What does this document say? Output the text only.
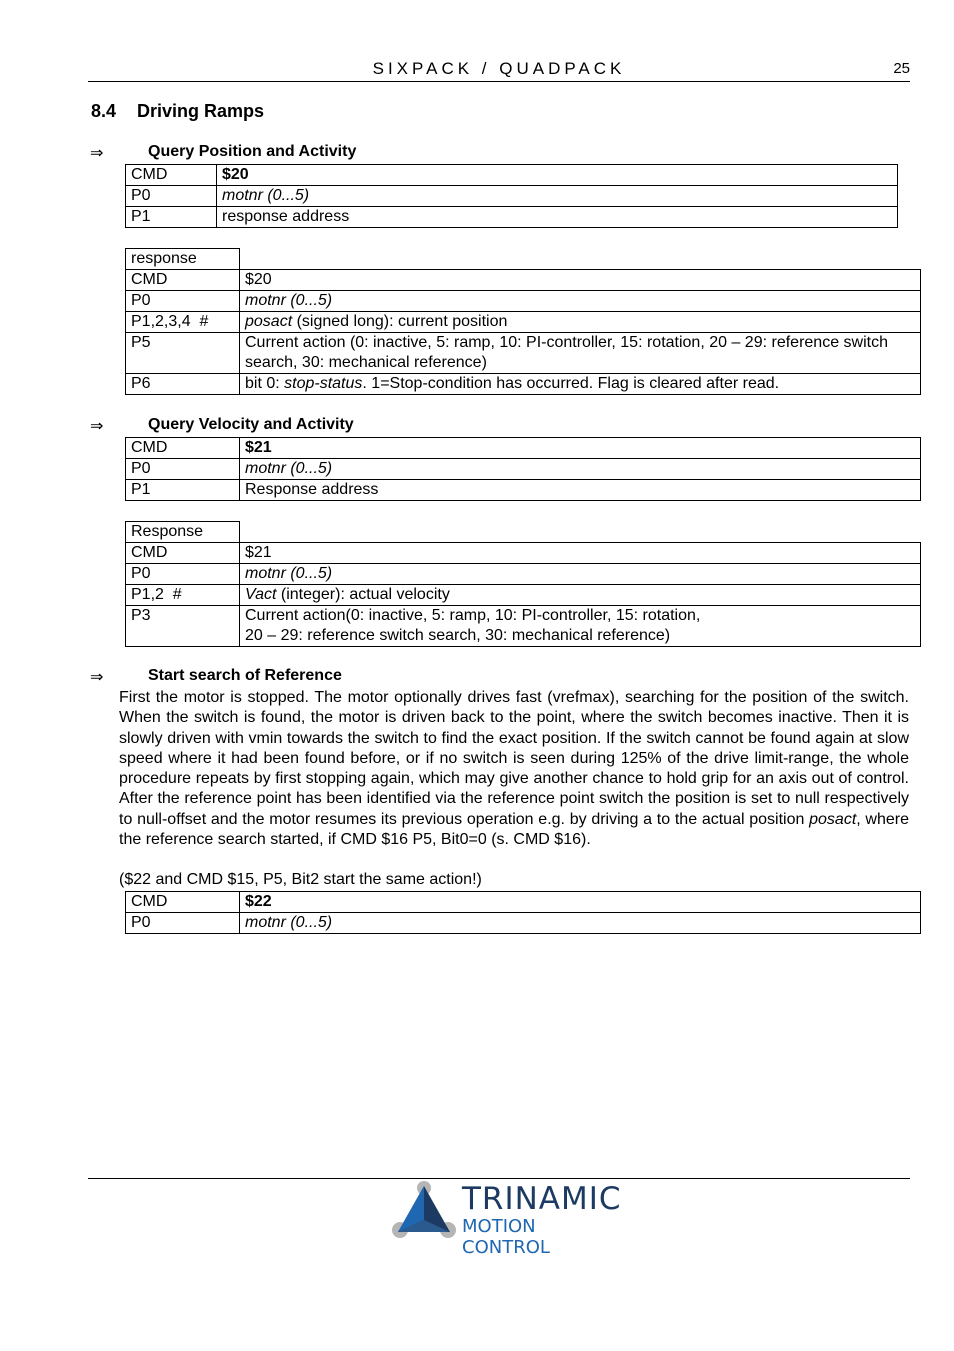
SIXPACK / QUADPACK	25
8.4 Driving Ramps
⇒	Query Position and Activity
CMD	$20
P0	motnr (0...5)
P1	response address
response	
CMD	$20
P0	motnr (0...5)
P1,2,3,4  #	posact (signed long): current position
P5	Current action (0: inactive, 5: ramp, 10: PI-controller, 15: rotation, 20 – 29: reference switch search, 30: mechanical reference)
P6	bit 0: stop-status. 1=Stop-condition has occurred. Flag is cleared after read.
⇒	Query Velocity and Activity
CMD	$21
P0	motnr (0...5)
P1	Response address
Response	
CMD	$21
P0	motnr (0...5)
P1,2  #	Vact (integer): actual velocity
P3	Current action(0: inactive, 5: ramp, 10: PI-controller, 15: rotation,
20 – 29: reference switch search, 30: mechanical reference)
⇒	Start search of Reference
First the motor is stopped. The motor optionally drives fast (vrefmax), searching for the position of the switch. When the switch is found, the motor is driven back to the point, where the switch becomes inactive. Then it is slowly driven with vmin towards the switch to find the exact position. If the switch cannot be found again at slow speed where it had been found before, or if no switch is seen during 125% of the drive limit-range, the whole procedure repeats by first stopping again, which may give another chance to hold grip for an axis out of control. After the reference point has been identified via the reference point switch the position is set to null respectively to null-offset and the motor resumes its previous operation e.g. by driving a to the actual position posact, where the reference search started, if CMD $16 P5, Bit0=0 (s. CMD $16).
($22 and CMD $15, P5, Bit2 start the same action!)
CMD	$22
P0	motnr (0...5)
TRINAMIC
MOTION CONTROL
